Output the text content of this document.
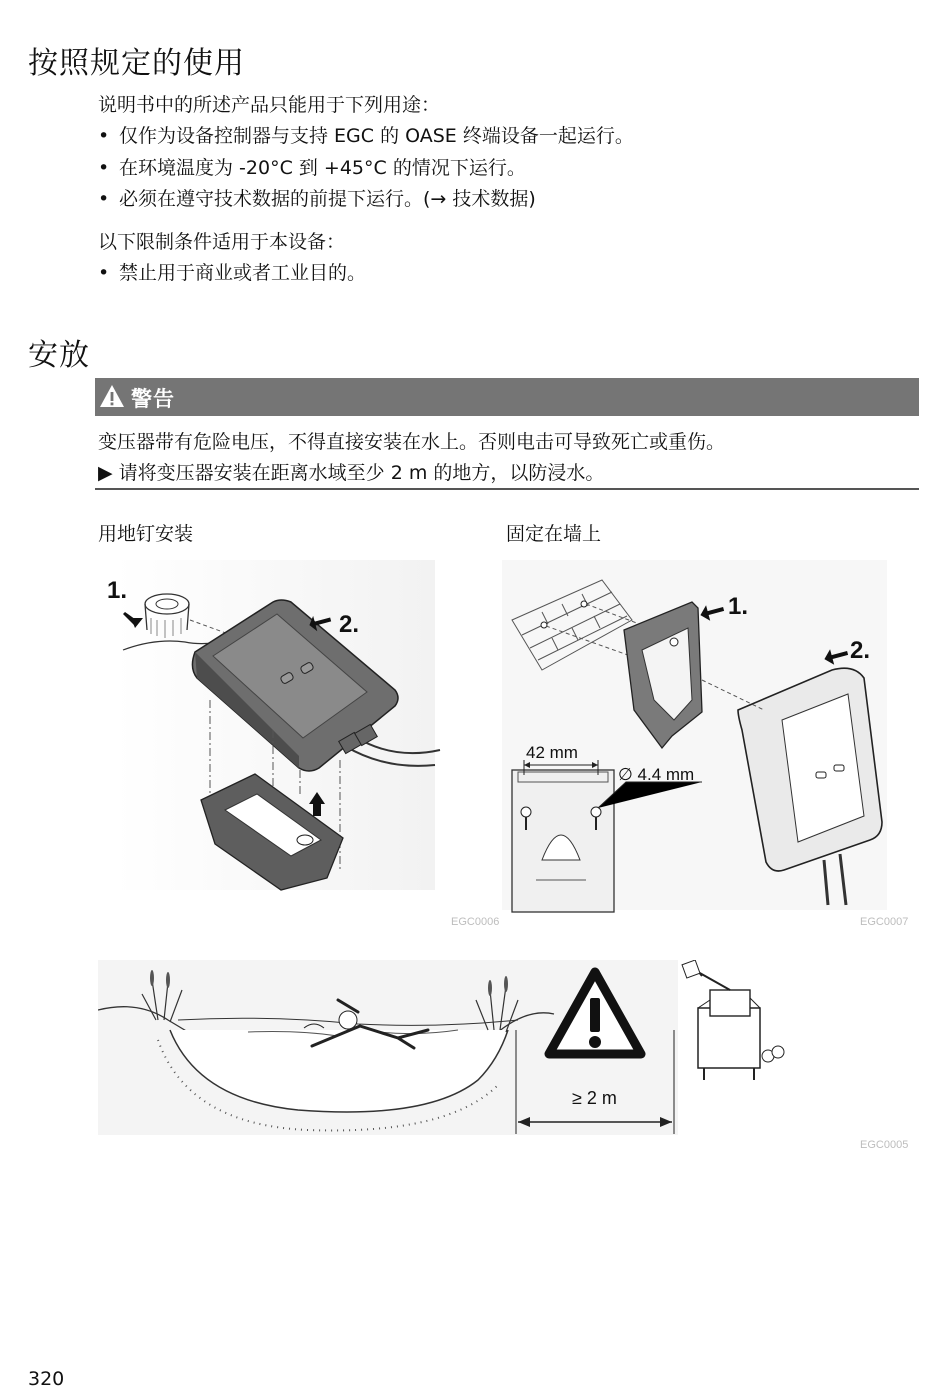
按照规定的使用
说明书中的所述产品只能用于下列用途：
• 仅作为设备控制器与支持 EGC 的 OASE 终端设备一起运行。
• 在环境温度为 -20°C 到 +45°C 的情况下运行。
• 必须在遵守技术数据的前提下运行。(→ 技术数据)
以下限制条件适用于本设备：
• 禁止用于商业或者工业目的。
安放
警告
变压器带有危险电压，不得直接安装在水上。否则电击可导致死亡或重伤。
▶ 请将变压器安装在距离水域至少 2 m 的地方，以防浸水。
用地钉安装	固定在墙上
1.
2.
EGC0006
1.
2.
42 mm
∅ 4.4 mm
EGC0007
≥ 2 m
EGC0005
320
